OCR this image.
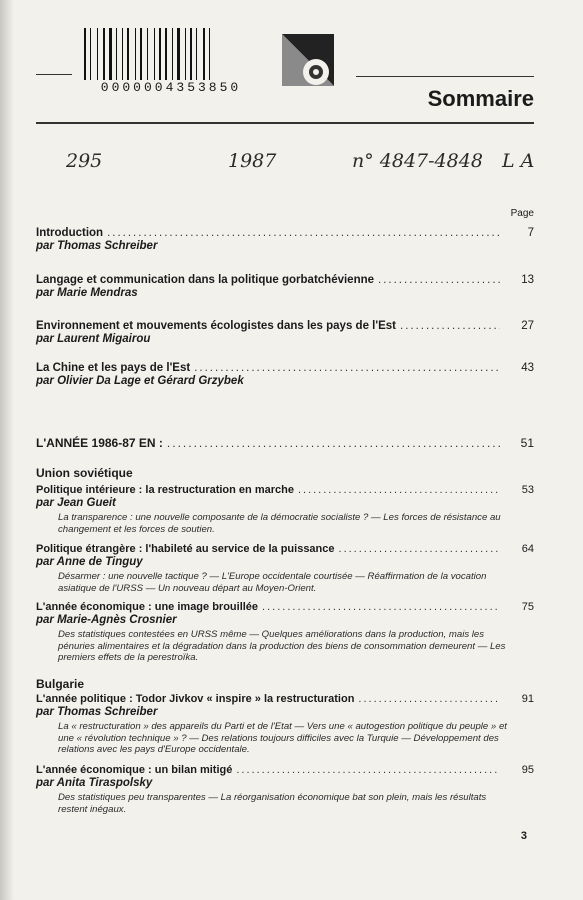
0000004353850	Sommaire
295	1987	n° 4847-4848 L A
Page
Introduction .....	7
par Thomas Schreiber
Langage et communication dans la politique gorbatchévienne .....	13
par Marie Mendras
Environnement et mouvements écologistes dans les pays de l'Est .....	27
par Laurent Migairou
La Chine et les pays de l'Est .....	43
par Olivier Da Lage et Gérard Grzybek
L'ANNÉE 1986-87 EN : .....	51
Union soviétique
Politique intérieure : la restructuration en marche .....	53
par Jean Gueit
La transparence : une nouvelle composante de la démocratie socialiste ? — Les forces de résistance au changement et les forces de soutien.
Politique étrangère : l'habileté au service de la puissance .....	64
par Anne de Tinguy
Désarmer : une nouvelle tactique ? — L'Europe occidentale courtisée — Réaffirmation de la vocation asiatique de l'URSS — Un nouveau départ au Moyen-Orient.
L'année économique : une image brouillée .....	75
par Marie-Agnès Crosnier
Des statistiques contestées en URSS même — Quelques améliorations dans la production, mais les pénuries alimentaires et la dégradation dans la production des biens de consommation demeurent — Les premiers effets de la perestroïka.
Bulgarie
L'année politique : Todor Jivkov « inspire » la restructuration .....	91
par Thomas Schreiber
La « restructuration » des appareils du Parti et de l'Etat — Vers une « autogestion politique du peuple » et une « révolution technique » ? — Des relations toujours difficiles avec la Turquie — Développement des relations avec les pays d'Europe occidentale.
L'année économique : un bilan mitigé .....	95
par Anita Tiraspolsky
Des statistiques peu transparentes — La réorganisation économique bat son plein, mais les résultats restent inégaux.
3
